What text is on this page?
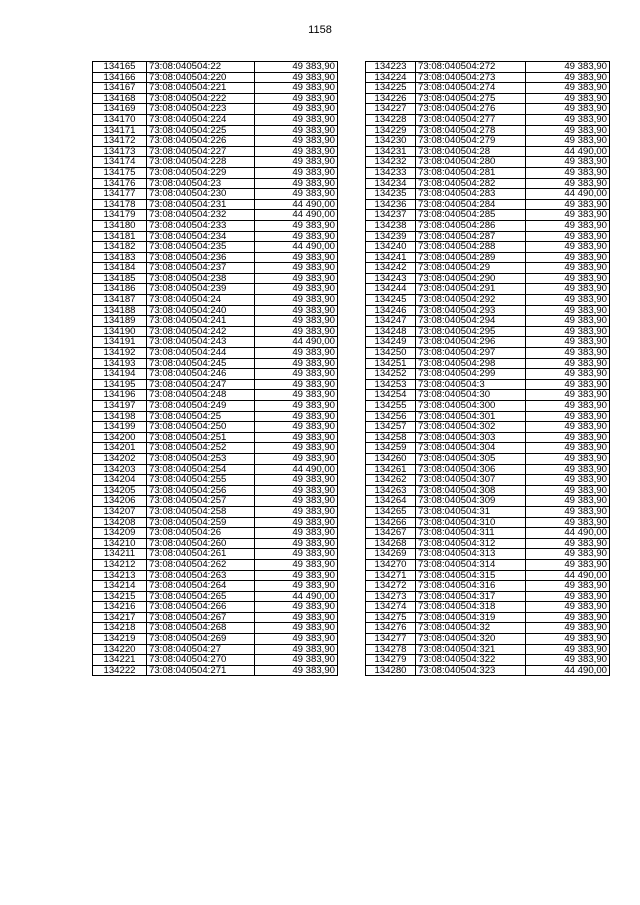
1158
134165	73:08:040504:22	49 383,90
134166	73:08:040504:220	49 383,90
134167	73:08:040504:221	49 383,90
134168	73:08:040504:222	49 383,90
134169	73:08:040504:223	49 383,90
134170	73:08:040504:224	49 383,90
134171	73:08:040504:225	49 383,90
134172	73:08:040504:226	49 383,90
134173	73:08:040504:227	49 383,90
134174	73:08:040504:228	49 383,90
134175	73:08:040504:229	49 383,90
134176	73:08:040504:23	49 383,90
134177	73:08:040504:230	49 383,90
134178	73:08:040504:231	44 490,00
134179	73:08:040504:232	44 490,00
134180	73:08:040504:233	49 383,90
134181	73:08:040504:234	49 383,90
134182	73:08:040504:235	44 490,00
134183	73:08:040504:236	49 383,90
134184	73:08:040504:237	49 383,90
134185	73:08:040504:238	49 383,90
134186	73:08:040504:239	49 383,90
134187	73:08:040504:24	49 383,90
134188	73:08:040504:240	49 383,90
134189	73:08:040504:241	49 383,90
134190	73:08:040504:242	49 383,90
134191	73:08:040504:243	44 490,00
134192	73:08:040504:244	49 383,90
134193	73:08:040504:245	49 383,90
134194	73:08:040504:246	49 383,90
134195	73:08:040504:247	49 383,90
134196	73:08:040504:248	49 383,90
134197	73:08:040504:249	49 383,90
134198	73:08:040504:25	49 383,90
134199	73:08:040504:250	49 383,90
134200	73:08:040504:251	49 383,90
134201	73:08:040504:252	49 383,90
134202	73:08:040504:253	49 383,90
134203	73:08:040504:254	44 490,00
134204	73:08:040504:255	49 383,90
134205	73:08:040504:256	49 383,90
134206	73:08:040504:257	49 383,90
134207	73:08:040504:258	49 383,90
134208	73:08:040504:259	49 383,90
134209	73:08:040504:26	49 383,90
134210	73:08:040504:260	49 383,90
134211	73:08:040504:261	49 383,90
134212	73:08:040504:262	49 383,90
134213	73:08:040504:263	49 383,90
134214	73:08:040504:264	49 383,90
134215	73:08:040504:265	44 490,00
134216	73:08:040504:266	49 383,90
134217	73:08:040504:267	49 383,90
134218	73:08:040504:268	49 383,90
134219	73:08:040504:269	49 383,90
134220	73:08:040504:27	49 383,90
134221	73:08:040504:270	49 383,90
134222	73:08:040504:271	49 383,90
134223	73:08:040504:272	49 383,90
134224	73:08:040504:273	49 383,90
134225	73:08:040504:274	49 383,90
134226	73:08:040504:275	49 383,90
134227	73:08:040504:276	49 383,90
134228	73:08:040504:277	49 383,90
134229	73:08:040504:278	49 383,90
134230	73:08:040504:279	49 383,90
134231	73:08:040504:28	44 490,00
134232	73:08:040504:280	49 383,90
134233	73:08:040504:281	49 383,90
134234	73:08:040504:282	49 383,90
134235	73:08:040504:283	44 490,00
134236	73:08:040504:284	49 383,90
134237	73:08:040504:285	49 383,90
134238	73:08:040504:286	49 383,90
134239	73:08:040504:287	49 383,90
134240	73:08:040504:288	49 383,90
134241	73:08:040504:289	49 383,90
134242	73:08:040504:29	49 383,90
134243	73:08:040504:290	49 383,90
134244	73:08:040504:291	49 383,90
134245	73:08:040504:292	49 383,90
134246	73:08:040504:293	49 383,90
134247	73:08:040504:294	49 383,90
134248	73:08:040504:295	49 383,90
134249	73:08:040504:296	49 383,90
134250	73:08:040504:297	49 383,90
134251	73:08:040504:298	49 383,90
134252	73:08:040504:299	49 383,90
134253	73:08:040504:3	49 383,90
134254	73:08:040504:30	49 383,90
134255	73:08:040504:300	49 383,90
134256	73:08:040504:301	49 383,90
134257	73:08:040504:302	49 383,90
134258	73:08:040504:303	49 383,90
134259	73:08:040504:304	49 383,90
134260	73:08:040504:305	49 383,90
134261	73:08:040504:306	49 383,90
134262	73:08:040504:307	49 383,90
134263	73:08:040504:308	49 383,90
134264	73:08:040504:309	49 383,90
134265	73:08:040504:31	49 383,90
134266	73:08:040504:310	49 383,90
134267	73:08:040504:311	44 490,00
134268	73:08:040504:312	49 383,90
134269	73:08:040504:313	49 383,90
134270	73:08:040504:314	49 383,90
134271	73:08:040504:315	44 490,00
134272	73:08:040504:316	49 383,90
134273	73:08:040504:317	49 383,90
134274	73:08:040504:318	49 383,90
134275	73:08:040504:319	49 383,90
134276	73:08:040504:32	49 383,90
134277	73:08:040504:320	49 383,90
134278	73:08:040504:321	49 383,90
134279	73:08:040504:322	49 383,90
134280	73:08:040504:323	44 490,00
